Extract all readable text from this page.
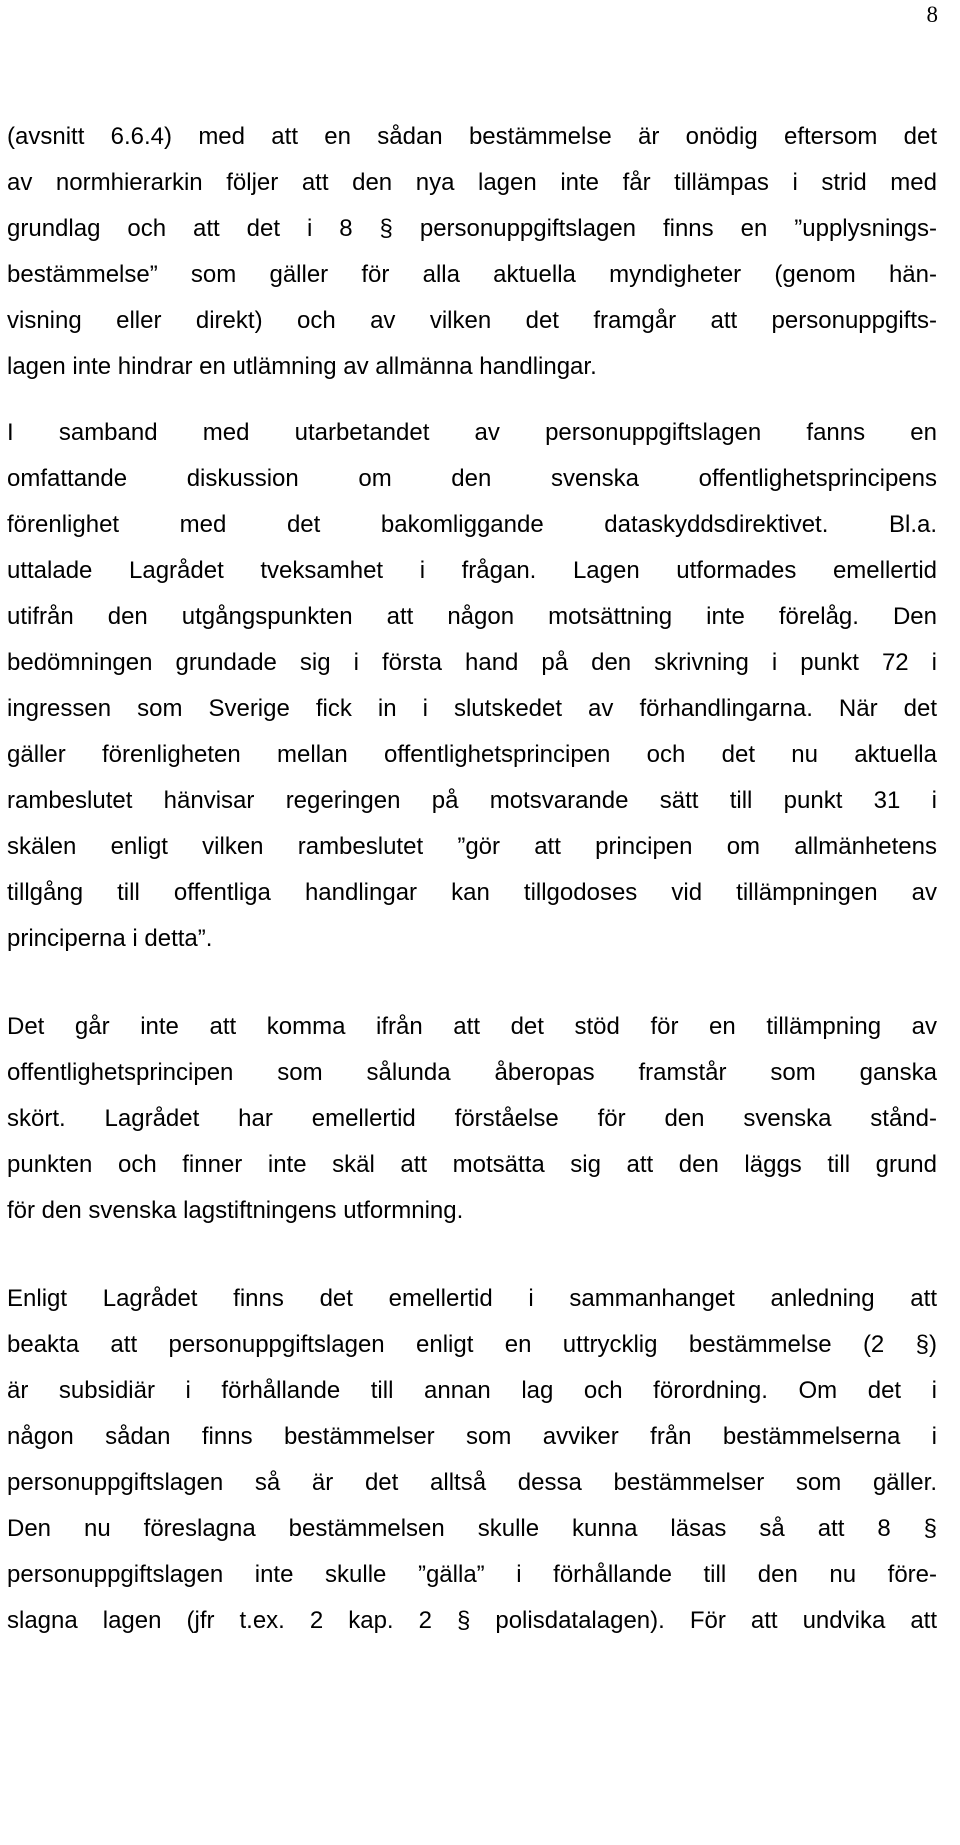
8
(avsnitt 6.6.4) med att en sådan bestämmelse är onödig eftersom det
av normhierarkin följer att den nya lagen inte får tillämpas i strid med
grundlag och att det i 8 § personuppgiftslagen finns en ”upplysnings-
bestämmelse” som gäller för alla aktuella myndigheter (genom hän-
visning eller direkt) och av vilken det framgår att personuppgifts-
lagen inte hindrar en utlämning av allmänna handlingar.
I samband med utarbetandet av personuppgiftslagen fanns en
omfattande diskussion om den svenska offentlighetsprincipens
förenlighet med det bakomliggande dataskyddsdirektivet. Bl.a.
uttalade Lagrådet tveksamhet i frågan. Lagen utformades emellertid
utifrån den utgångspunkten att någon motsättning inte förelåg. Den
bedömningen grundade sig i första hand på den skrivning i punkt 72 i
ingressen som Sverige fick in i slutskedet av förhandlingarna. När det
gäller förenligheten mellan offentlighetsprincipen och det nu aktuella
rambeslutet hänvisar regeringen på motsvarande sätt till punkt 31 i
skälen enligt vilken rambeslutet ”gör att principen om allmänhetens
tillgång till offentliga handlingar kan tillgodoses vid tillämpningen av
principerna i detta”.
Det går inte att komma ifrån att det stöd för en tillämpning av
offentlighetsprincipen som sålunda åberopas framstår som ganska
skört. Lagrådet har emellertid förståelse för den svenska stånd-
punkten och finner inte skäl att motsätta sig att den läggs till grund
för den svenska lagstiftningens utformning.
Enligt Lagrådet finns det emellertid i sammanhanget anledning att
beakta att personuppgiftslagen enligt en uttrycklig bestämmelse (2 §)
är subsidiär i förhållande till annan lag och förordning. Om det i
någon sådan finns bestämmelser som avviker från bestämmelserna i
personuppgiftslagen så är det alltså dessa bestämmelser som gäller.
Den nu föreslagna bestämmelsen skulle kunna läsas så att 8 §
personuppgiftslagen inte skulle ”gälla” i förhållande till den nu före-
slagna lagen (jfr t.ex. 2 kap. 2 § polisdatalagen). För att undvika att
